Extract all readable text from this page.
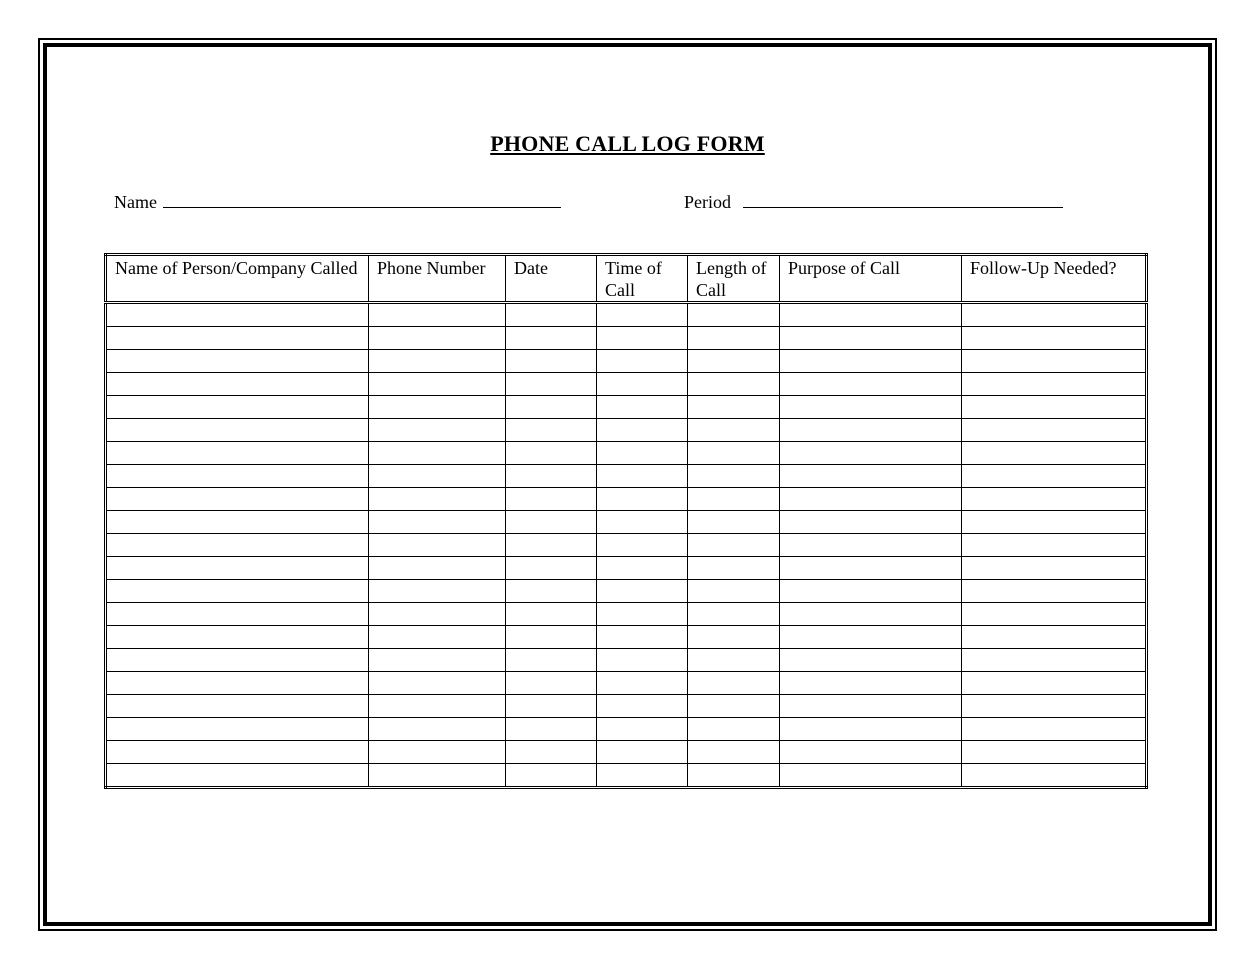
PHONE CALL LOG FORM
Name	Period
Name of Person/Company Called	Phone Number	Date	Time of Call	Length of Call	Purpose of Call	Follow-Up Needed?
